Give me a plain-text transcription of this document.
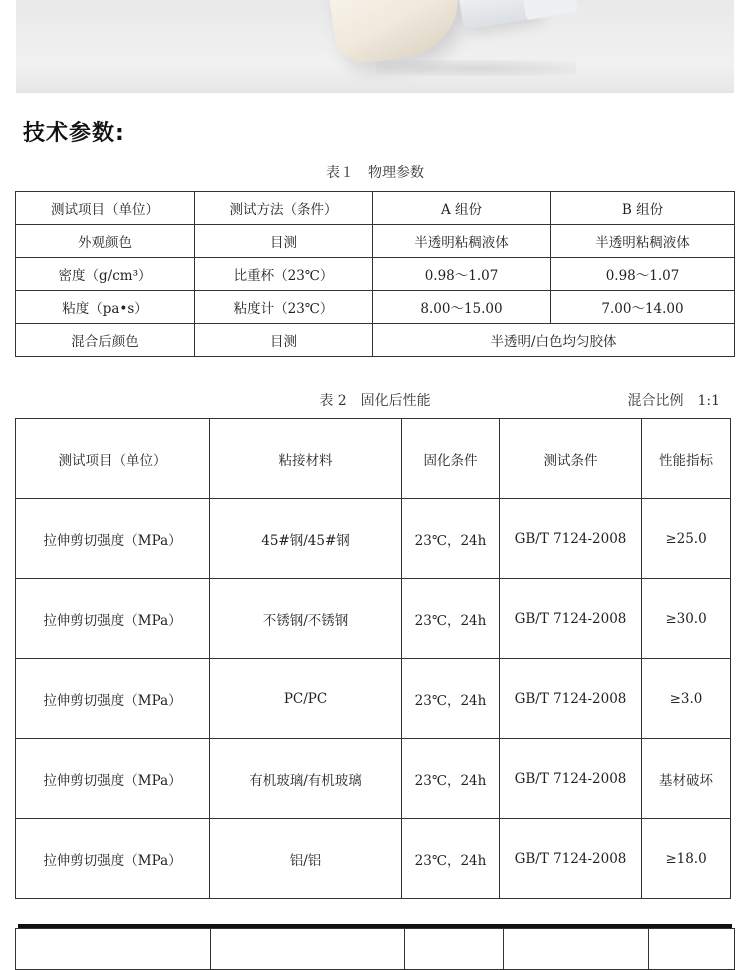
技术参数:
表１　物理参数
测试项目（单位）	测试方法（条件）	A 组份	B 组份
外观颜色	目测	半透明粘稠液体	半透明粘稠液体
密度（g/cm³）	比重杯（23℃）	0.98～1.07	0.98～1.07
粘度（pa•s）	粘度计（23℃）	8.00～15.00	7.00～14.00
混合后颜色	目测	半透明/白色均匀胶体	
表 2　固化后性能	混合比例　1:1
测试项目（单位）	粘接材料	固化条件	测试条件	性能指标
拉伸剪切强度（MPa）	45#钢/45#钢	23℃，24h	GB/T 7124-2008	≥25.0
拉伸剪切强度（MPa）	不锈钢/不锈钢	23℃，24h	GB/T 7124-2008	≥30.0
拉伸剪切强度（MPa）	PC/PC	23℃，24h	GB/T 7124-2008	≥3.0
拉伸剪切强度（MPa）	有机玻璃/有机玻璃	23℃，24h	GB/T 7124-2008	基材破坏
拉伸剪切强度（MPa）	铝/铝	23℃，24h	GB/T 7124-2008	≥18.0
